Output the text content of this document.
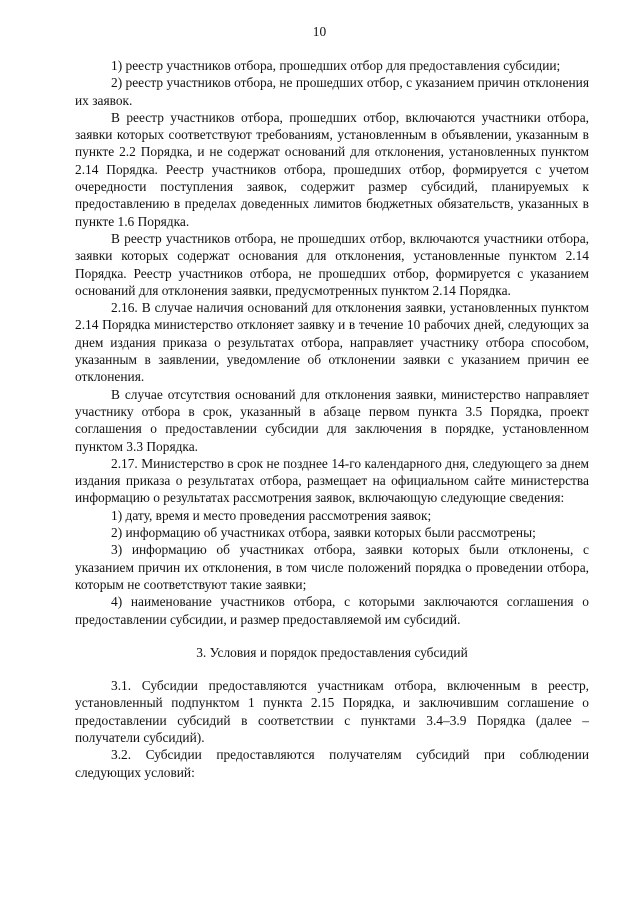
10

1) реестр участников отбора, прошедших отбор для предоставления субсидии;

2) реестр участников отбора, не прошедших отбор, с указанием причин отклонения их заявок.

В реестр участников отбора, прошедших отбор, включаются участники отбора, заявки которых соответствуют требованиям, установленным в объявлении, указанным в пункте 2.2 Порядка, и не содержат оснований для отклонения, установленных пунктом 2.14 Порядка. Реестр участников отбора, прошедших отбор, формируется с учетом очередности поступления заявок, содержит размер субсидий, планируемых к предоставлению в пределах доведенных лимитов бюджетных обязательств, указанных в пункте 1.6 Порядка.

В реестр участников отбора, не прошедших отбор, включаются участники отбора, заявки которых содержат основания для отклонения, установленные пунктом 2.14 Порядка. Реестр участников отбора, не прошедших отбор, формируется с указанием оснований для отклонения заявки, предусмотренных пунктом 2.14 Порядка.

2.16. В случае наличия оснований для отклонения заявки, установленных пунктом 2.14 Порядка министерство отклоняет заявку и в течение 10 рабочих дней, следующих за днем издания приказа о результатах отбора, направляет участнику отбора способом, указанным в заявлении, уведомление об отклонении заявки с указанием причин ее отклонения.

В случае отсутствия оснований для отклонения заявки, министерство направляет участнику отбора в срок, указанный в абзаце первом пункта 3.5 Порядка, проект соглашения о предоставлении субсидии для заключения в порядке, установленном пунктом 3.3 Порядка.

2.17. Министерство в срок не позднее 14-го календарного дня, следующего за днем издания приказа о результатах отбора, размещает на официальном сайте министерства информацию о результатах рассмотрения заявок, включающую следующие сведения:

1) дату, время и место проведения рассмотрения заявок;

2) информацию об участниках отбора, заявки которых были рассмотрены;

3) информацию об участниках отбора, заявки которых были отклонены, с указанием причин их отклонения, в том числе положений порядка о проведении отбора, которым не соответствуют такие заявки;

4) наименование участников отбора, с которыми заключаются соглашения о предоставлении субсидии, и размер предоставляемой им субсидий.

3. Условия и порядок предоставления субсидий

3.1. Субсидии предоставляются участникам отбора, включенным в реестр, установленный подпунктом 1 пункта 2.15 Порядка, и заключившим соглашение о предоставлении субсидий в соответствии с пунктами 3.4–3.9 Порядка (далее – получатели субсидий).

3.2. Субсидии предоставляются получателям субсидий при соблюдении следующих условий:
